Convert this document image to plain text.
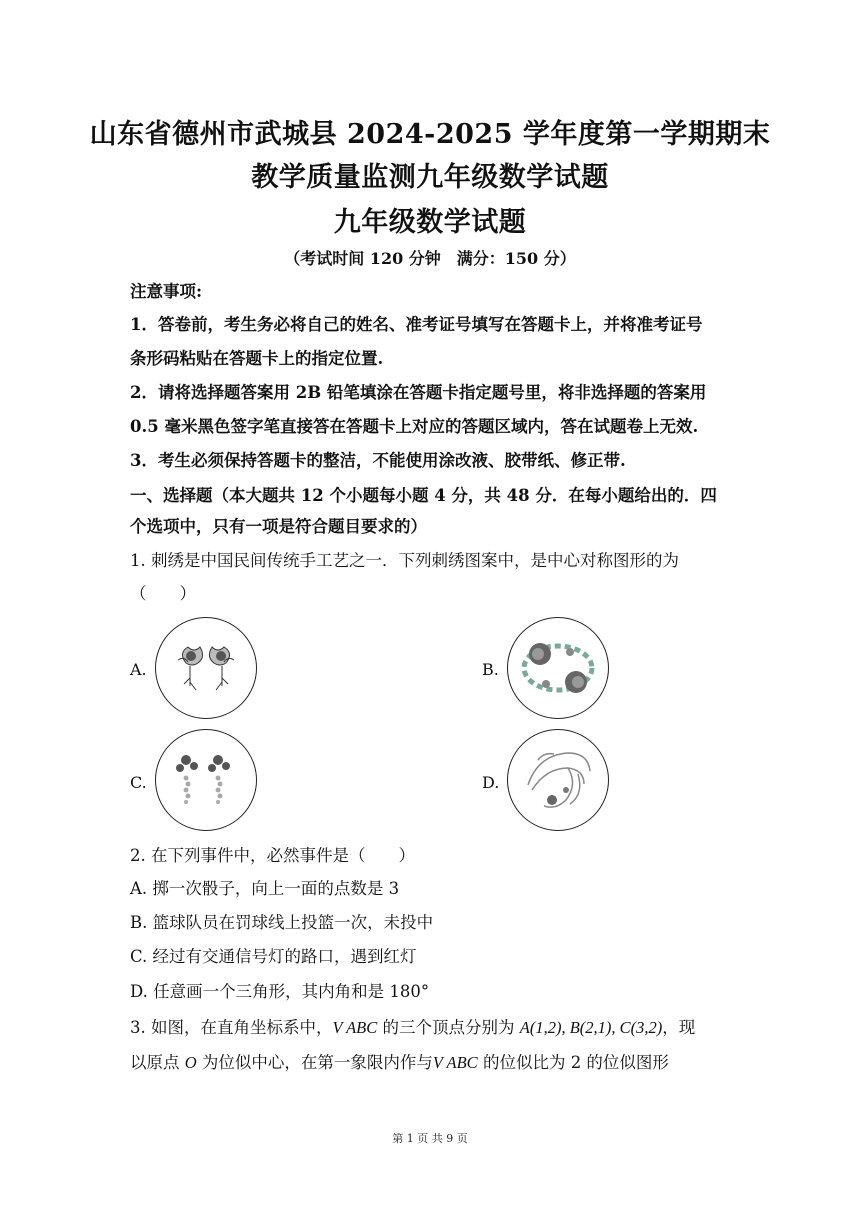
山东省德州市武城县 2024-2025 学年度第一学期期末
教学质量监测九年级数学试题
九年级数学试题
（考试时间 120 分钟　满分：150 分）
注意事项:
1．答卷前，考生务必将自己的姓名、准考证号填写在答题卡上，并将准考证号
条形码粘贴在答题卡上的指定位置.
2．请将选择题答案用 2B 铅笔填涂在答题卡指定题号里，将非选择题的答案用
0.5 毫米黑色签字笔直接答在答题卡上对应的答题区域内，答在试题卷上无效.
3．考生必须保持答题卡的整洁，不能使用涂改液、胶带纸、修正带.
一、选择题（本大题共 12 个小题每小题 4 分，共 48 分．在每小题给出的．四
个选项中，只有一项是符合题目要求的）
1. 刺绣是中国民间传统手工艺之一．下列刺绣图案中，是中心对称图形的为
（　　）
A.	B.
C.	D.
2. 在下列事件中，必然事件是（　　）
A. 掷一次骰子，向上一面的点数是 3
B. 篮球队员在罚球线上投篮一次，未投中
C. 经过有交通信号灯的路口，遇到红灯
D. 任意画一个三角形，其内角和是 180°
3. 如图，在直角坐标系中，V ABC 的三个顶点分别为 A(1,2), B(2,1), C(3,2)，现
以原点 O 为位似中心，在第一象限内作与V ABC 的位似比为 2 的位似图形
第 1 页 共 9 页
